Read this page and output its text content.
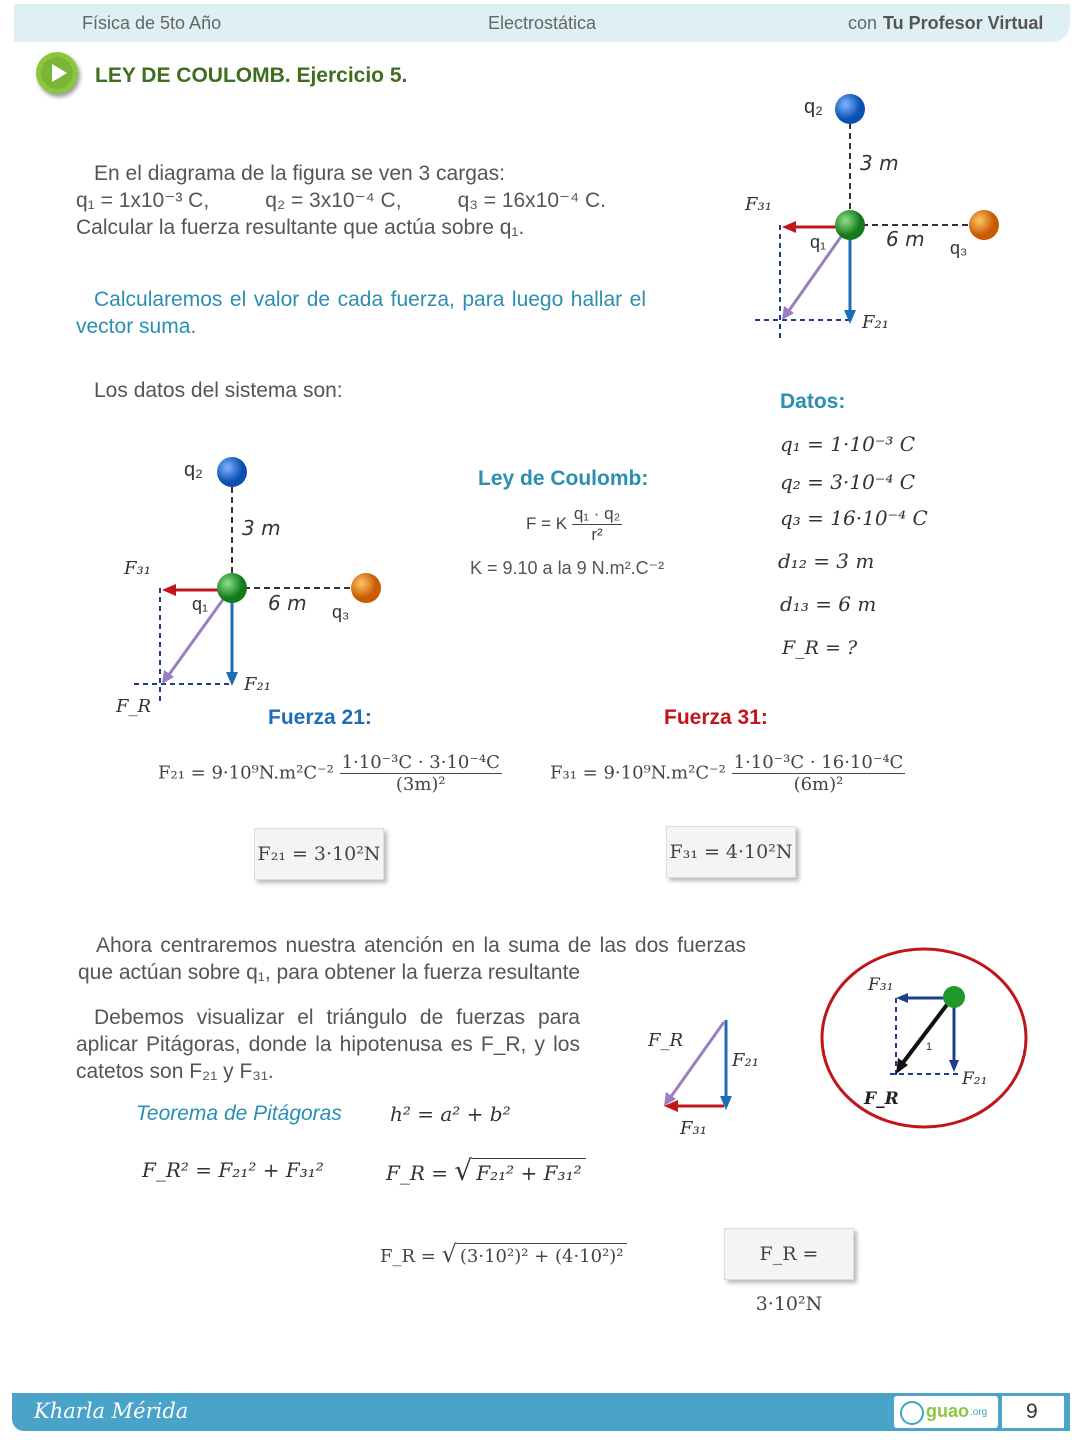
Física de 5to Año	Electrostática	con Tu Profesor Virtual
LEY DE COULOMB. Ejercicio 5.
En el diagrama de la figura se ven 3 cargas:
q₁ = 1x10⁻³ C,	q₂ = 3x10⁻⁴ C,	q₃ = 16x10⁻⁴ C.
Calcular la fuerza resultante que actúa sobre q₁.
Calcularemos el valor de cada fuerza, para luego hallar el vector suma.
Los datos del sistema son:
q₂
3 m
F₃₁
q₁	6 m q₃
F₂₁
Datos:
q₁ = 1·10⁻³ C
q₂ = 3·10⁻⁴ C
q₃ = 16·10⁻⁴ C
d₁₂ = 3 m
d₁₃ = 6 m
F_R = ?
q₂
3 m
F₃₁
q₁	6 m q₃
F₂₁
F_R
Ley de Coulomb:
F = K $\frac{\text{q₁ · q₂}}{\text{r²}}$
K = 9.10 a la 9 N.m².C⁻²
Fuerza 21:
$F_{21} = 9\cdot 10^9N.m^2C^{-2} \frac{\text{1·10⁻³C · 3·10⁻⁴C}}{\text{(3m)²}}$
F₂₁ = 3·10²N
Fuerza 31:
$F_{31} = 9\cdot 10^9N.m^2C^{-2} \frac{\text{1·10⁻³C · 16·10⁻⁴C}}{\text{(6m)²}}$
F₃₁ = 4·10²N
Ahora centraremos nuestra atención en la suma de las dos fuerzas que actúan sobre q₁, para obtener la fuerza resultante
Debemos visualizar el triángulo de fuerzas para aplicar Pitágoras, donde la hipotenusa es F_R, y los catetos son F₂₁ y F₃₁.
Teorema de Pitágoras h² = a² + b²
F_R² = F₂₁² + F₃₁²	F_R = √ F₂₁² + F₃₁²
F_R = √ (3·10²)² + (4·10²)²	F_R = 3·10²N
F_R
F₂₁
F₃₁
1
F₃₁
F₂₁
F_R
Kharla Mérida	guao .org 9
